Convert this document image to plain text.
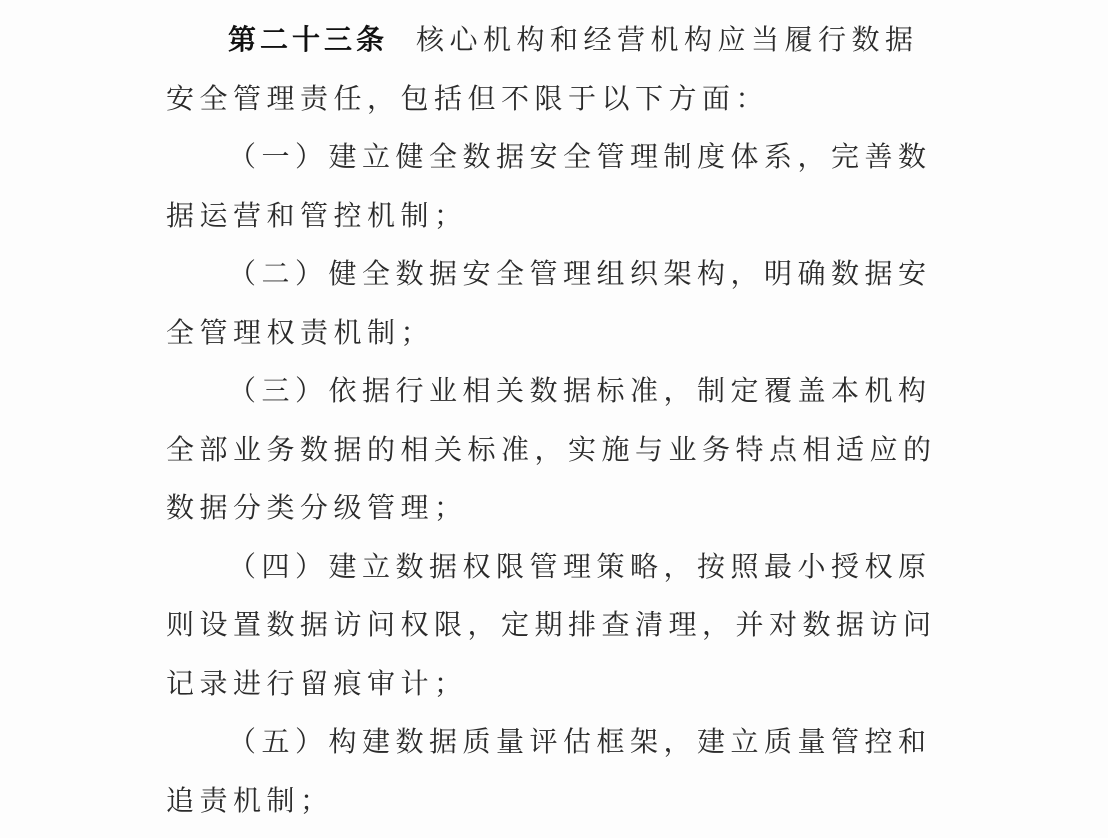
第二十三条 核心机构和经营机构应当履行数据安全管理责任，包括但不限于以下方面：

（一）建立健全数据安全管理制度体系，完善数据运营和管控机制；

（二）健全数据安全管理组织架构，明确数据安全管理权责机制；

（三）依据行业相关数据标准，制定覆盖本机构全部业务数据的相关标准，实施与业务特点相适应的数据分类分级管理；

（四）建立数据权限管理策略，按照最小授权原则设置数据访问权限，定期排查清理，并对数据访问记录进行留痕审计；

（五）构建数据质量评估框架，建立质量管控和追责机制；
